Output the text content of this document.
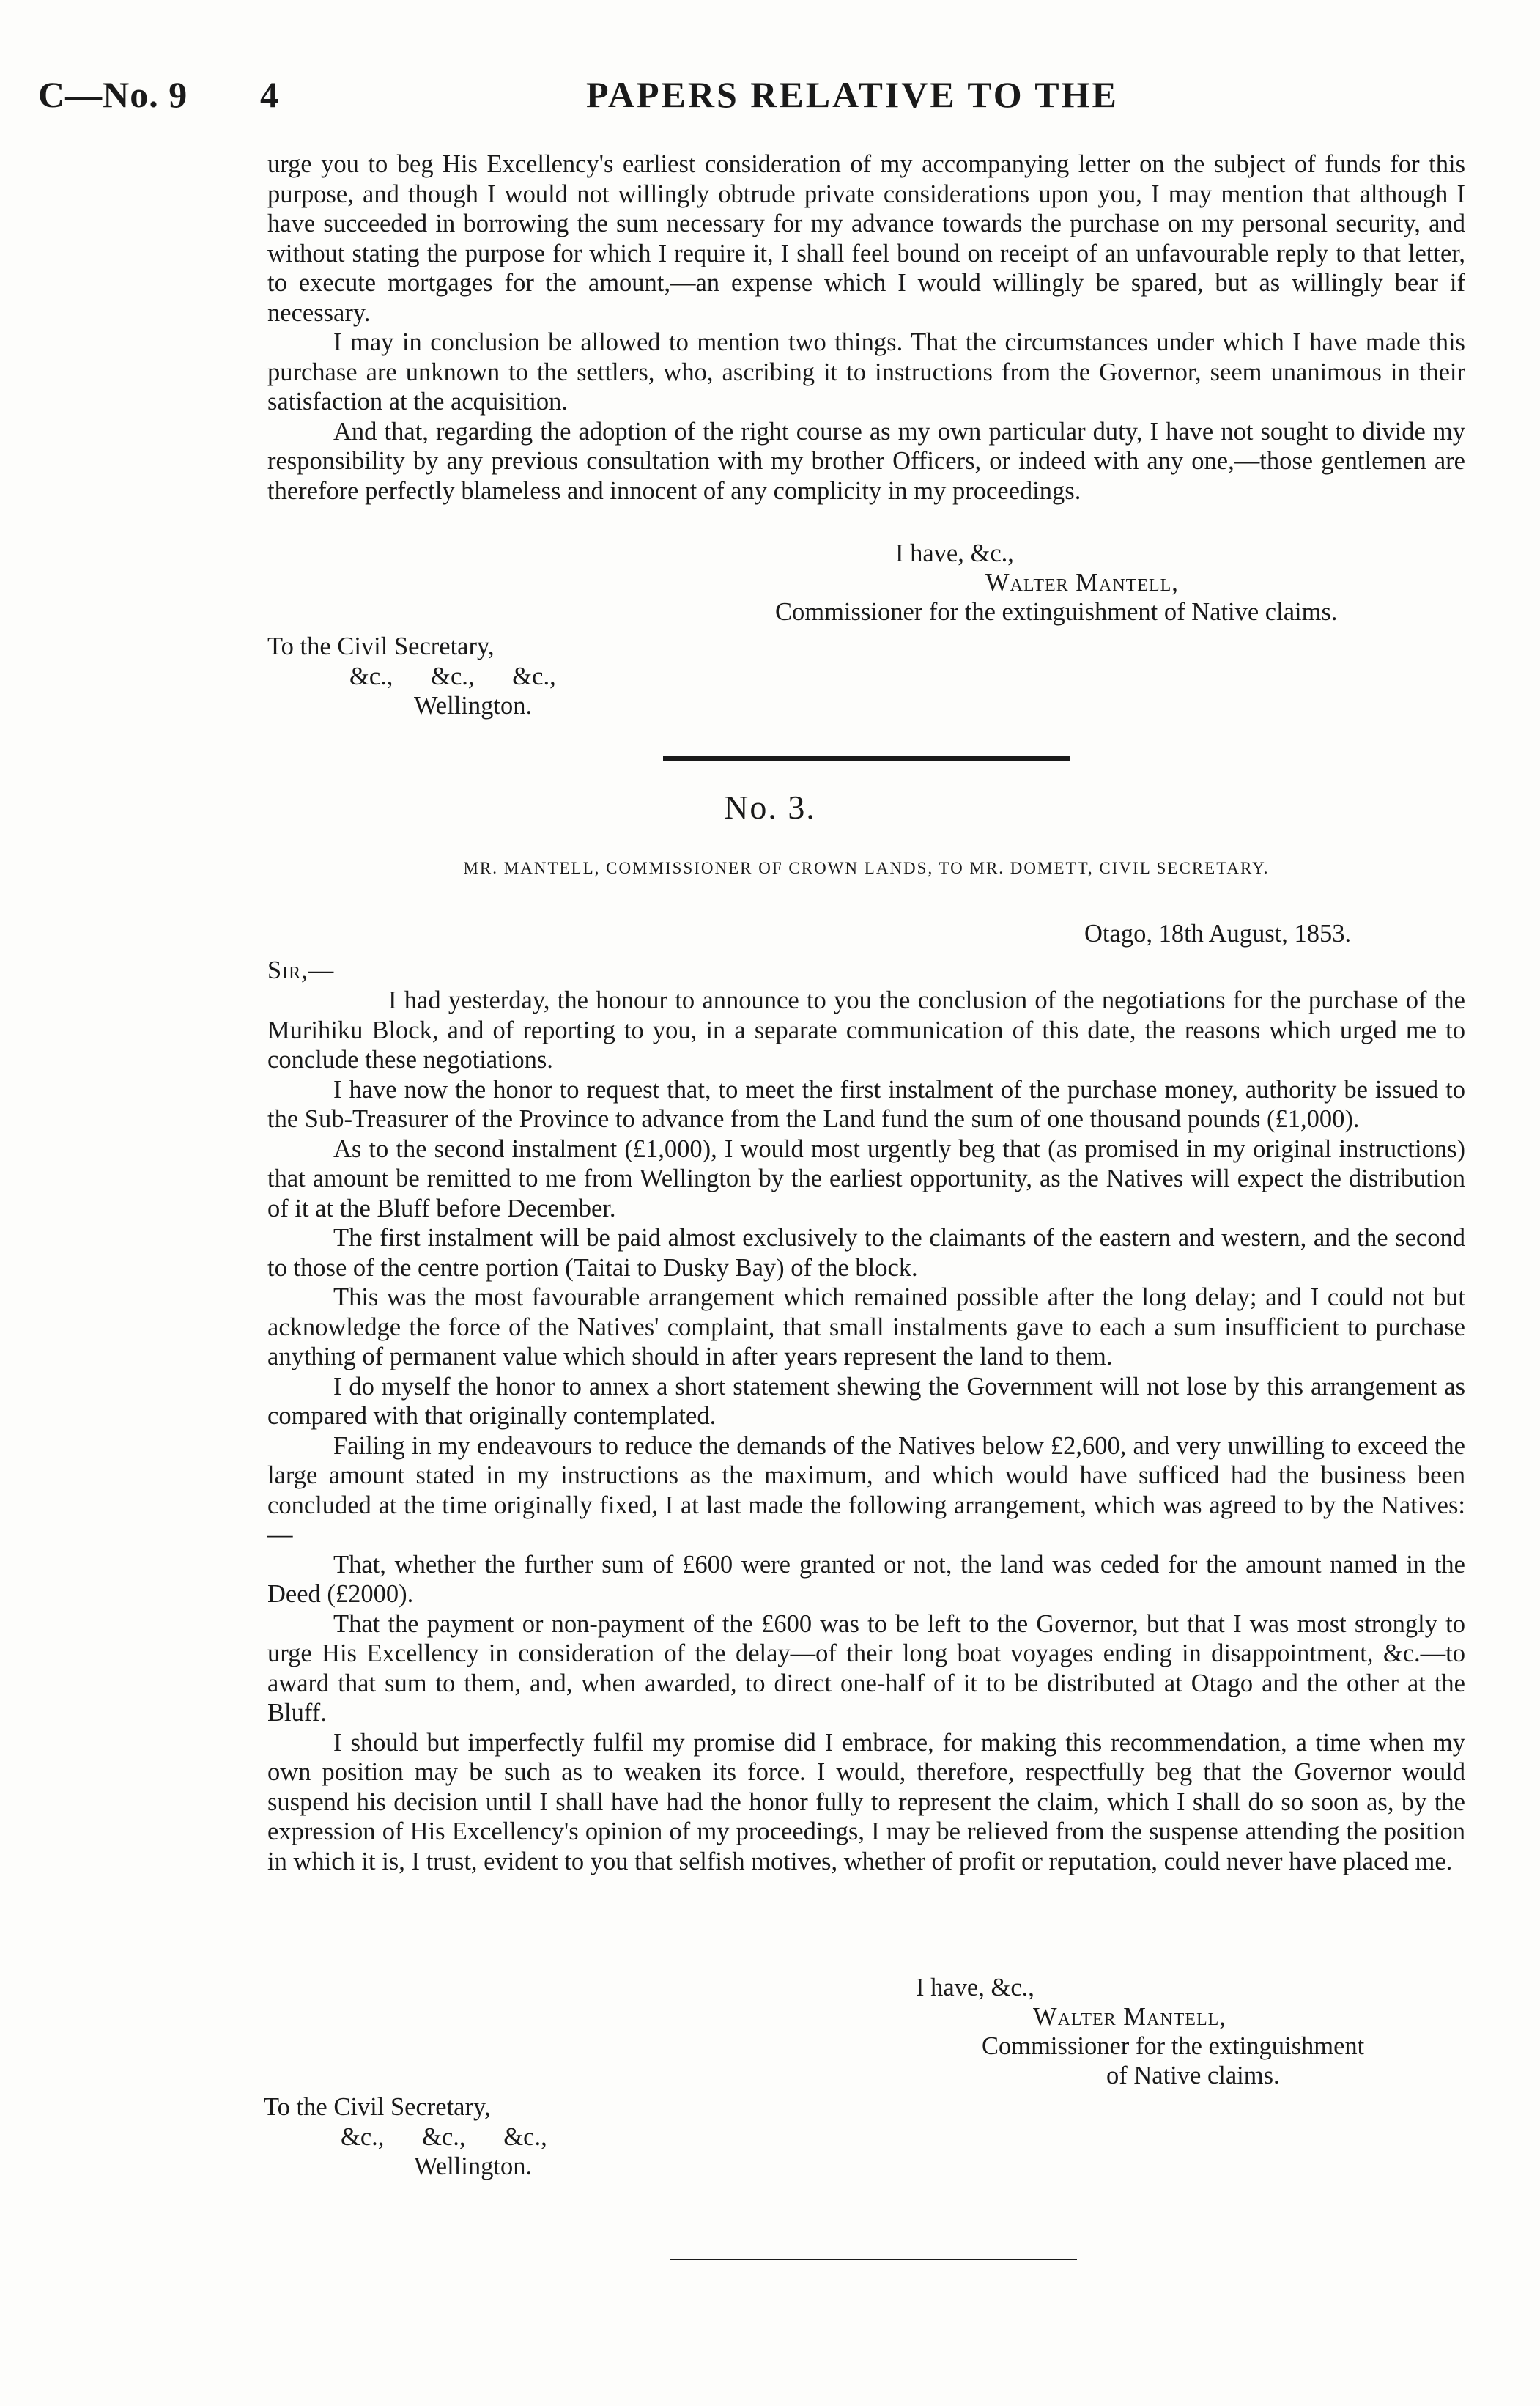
C—No. 9 4	PAPERS RELATIVE TO THE

urge you to beg His Excellency's earliest consideration of my accompanying letter on the subject of funds for this purpose, and though I would not willingly obtrude private considerations upon you, I may mention that although I have succeeded in borrowing the sum necessary for my advance towards the purchase on my personal security, and without stating the purpose for which I require it, I shall feel bound on receipt of an unfavourable reply to that letter, to execute mortgages for the amount,—an expense which I would willingly be spared, but as willingly bear if necessary.

I may in conclusion be allowed to mention two things. That the circumstances under which I have made this purchase are unknown to the settlers, who, ascribing it to instructions from the Governor, seem unanimous in their satisfaction at the acquisition.

And that, regarding the adoption of the right course as my own particular duty, I have not sought to divide my responsibility by any previous consultation with my brother Officers, or indeed with any one,—those gentlemen are therefore perfectly blameless and innocent of any complicity in my proceedings.

I have, &c.,
Walter Mantell,
Commissioner for the extinguishment of Native claims.
To the Civil Secretary,
&c.,      &c.,      &c.,
Wellington.
No. 3.
MR. MANTELL, COMMISSIONER OF CROWN LANDS, TO MR. DOMETT, CIVIL SECRETARY.
Otago, 18th August, 1853.
Sir,—

I had yesterday, the honour to announce to you the conclusion of the negotiations for the purchase of the Murihiku Block, and of reporting to you, in a separate communication of this date, the reasons which urged me to conclude these negotiations.

I have now the honor to request that, to meet the first instalment of the purchase money, authority be issued to the Sub-Treasurer of the Province to advance from the Land fund the sum of one thousand pounds (£1,000).

As to the second instalment (£1,000), I would most urgently beg that (as promised in my original instructions) that amount be remitted to me from Wellington by the earliest opportunity, as the Natives will expect the distribution of it at the Bluff before December.

The first instalment will be paid almost exclusively to the claimants of the eastern and western, and the second to those of the centre portion (Taitai to Dusky Bay) of the block.

This was the most favourable arrangement which remained possible after the long delay; and I could not but acknowledge the force of the Natives' complaint, that small instalments gave to each a sum insufficient to purchase anything of permanent value which should in after years represent the land to them.

I do myself the honor to annex a short statement shewing the Government will not lose by this arrangement as compared with that originally contemplated.

Failing in my endeavours to reduce the demands of the Natives below £2,600, and very unwilling to exceed the large amount stated in my instructions as the maximum, and which would have sufficed had the business been concluded at the time originally fixed, I at last made the following arrangement, which was agreed to by the Natives:—

That, whether the further sum of £600 were granted or not, the land was ceded for the amount named in the Deed (£2000).

That the payment or non-payment of the £600 was to be left to the Governor, but that I was most strongly to urge His Excellency in consideration of the delay—of their long boat voyages ending in disappointment, &c.—to award that sum to them, and, when awarded, to direct one-half of it to be distributed at Otago and the other at the Bluff.

I should but imperfectly fulfil my promise did I embrace, for making this recommendation, a time when my own position may be such as to weaken its force. I would, therefore, respectfully beg that the Governor would suspend his decision until I shall have had the honor fully to represent the claim, which I shall do so soon as, by the expression of His Excellency's opinion of my proceedings, I may be relieved from the suspense attending the position in which it is, I trust, evident to you that selfish motives, whether of profit or reputation, could never have placed me.

I have, &c.,
Walter Mantell,
Commissioner for the extinguishment
of Native claims.
To the Civil Secretary,
&c.,      &c.,      &c.,
Wellington.
